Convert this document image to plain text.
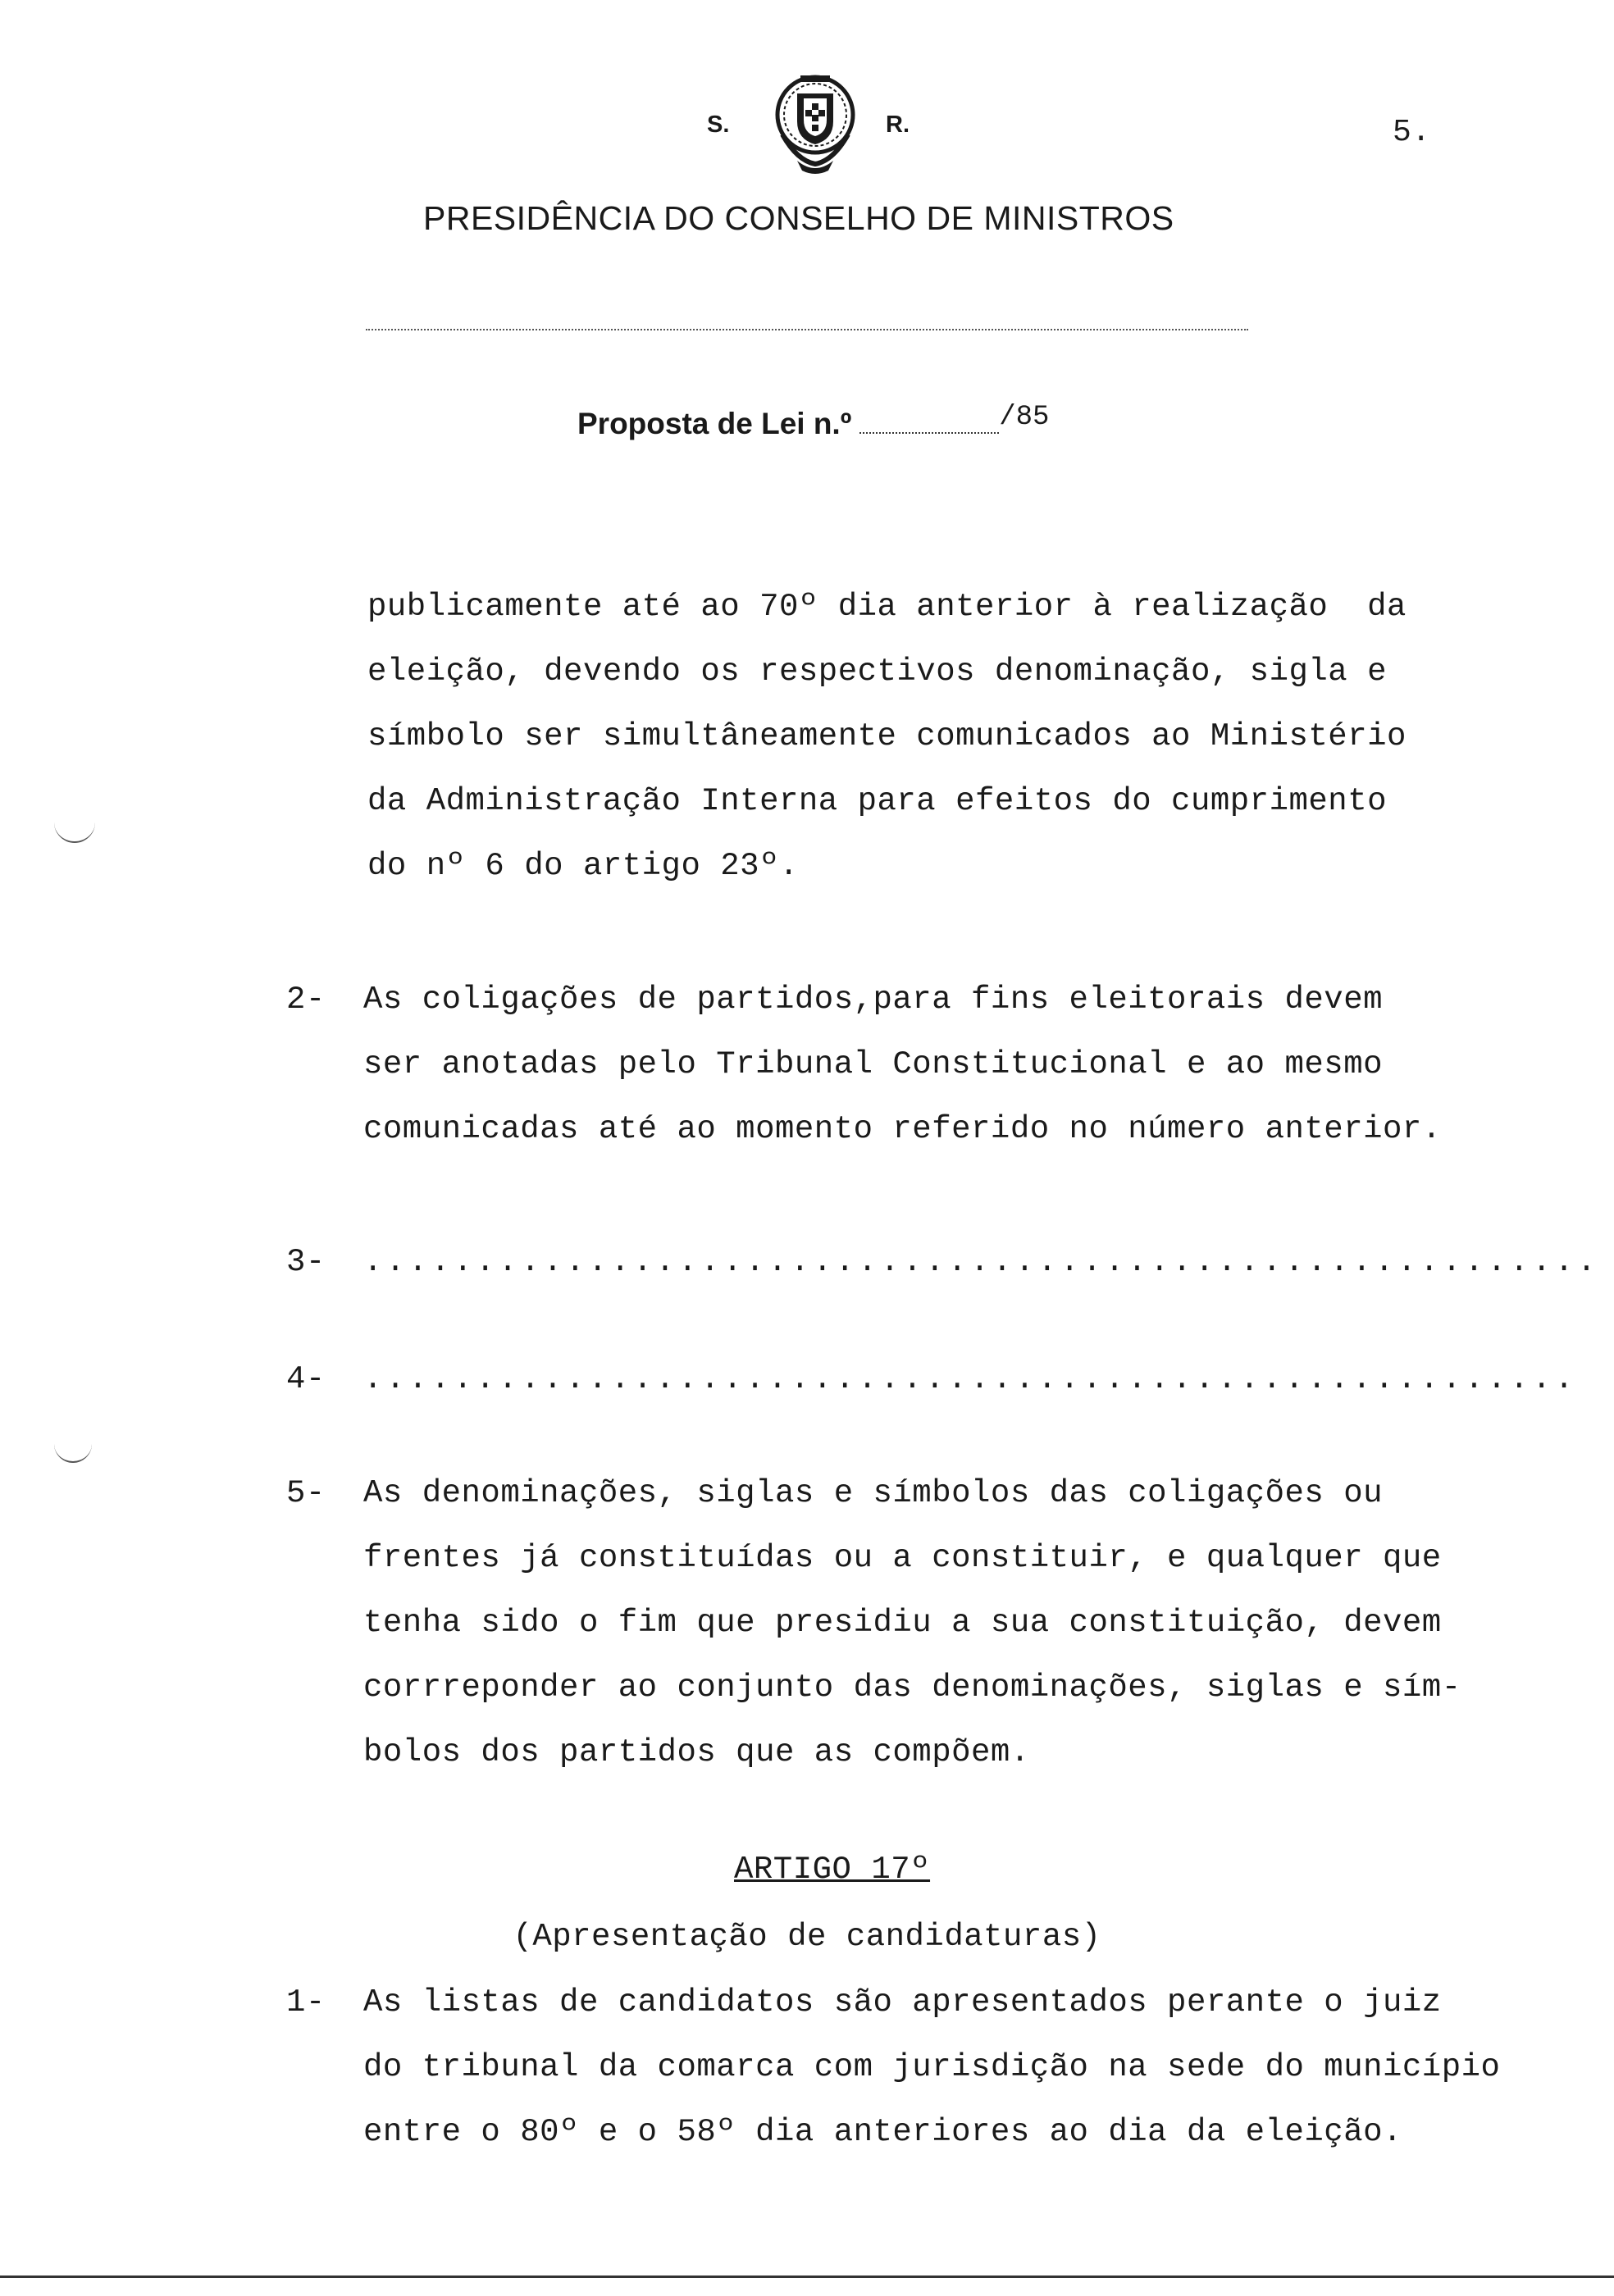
S.	R.	5.
PRESIDÊNCIA DO CONSELHO DE MINISTROS
Proposta de Lei n.º	/85
publicamente até ao 70º dia anterior à realização  da
eleição, devendo os respectivos denominação, sigla e
símbolo ser simultâneamente comunicados ao Ministério
da Administração Interna para efeitos do cumprimento
do nº 6 do artigo 23º.
2- As coligações de partidos,para fins eleitorais devem
ser anotadas pelo Tribunal Constitucional e ao mesmo
comunicadas até ao momento referido no número anterior.
3- .......................................................
4- ......................................................
5- As denominações, siglas e símbolos das coligações ou
frentes já constituídas ou a constituir, e qualquer que
tenha sido o fim que presidiu a sua constituição, devem
corrreponder ao conjunto das denominações, siglas e sím-
bolos dos partidos que as compõem.
ARTIGO 17º
(Apresentação de candidaturas)
1- As listas de candidatos são apresentados perante o juiz
do tribunal da comarca com jurisdição na sede do município
entre o 80º e o 58º dia anteriores ao dia da eleição.
